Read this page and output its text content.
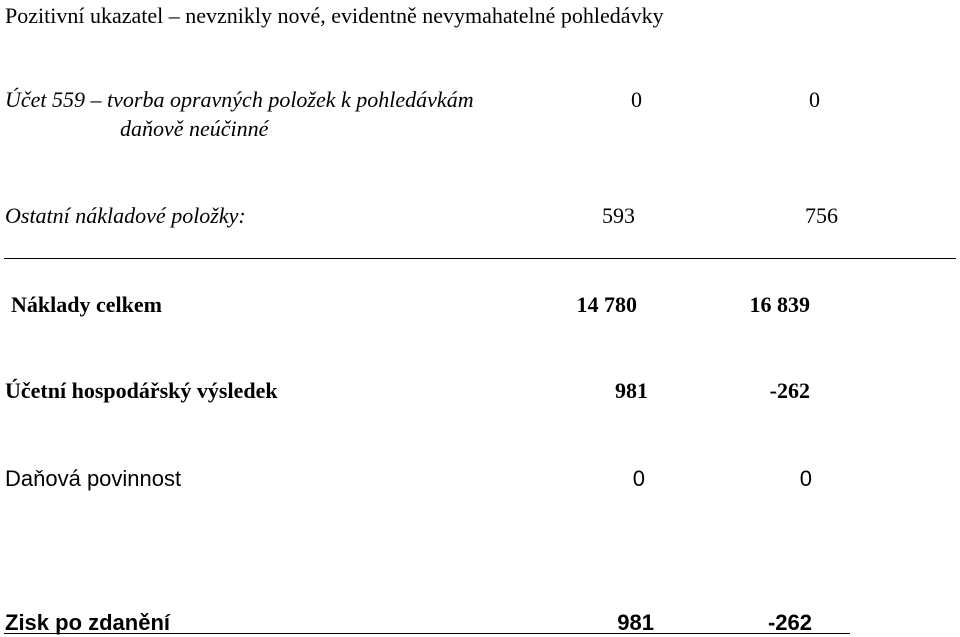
Pozitivní ukazatel – nevznikly nové, evidentně nevymahatelné pohledávky
Účet 559 – tvorba opravných položek k pohledávkám
daňově neúčinné
0	0
Ostatní nákladové položky:	593	756
Náklady celkem	14 780	16 839
Účetní hospodářský výsledek	981	-262
Daňová povinnost	0	0
Zisk po zdanění	981	-262
